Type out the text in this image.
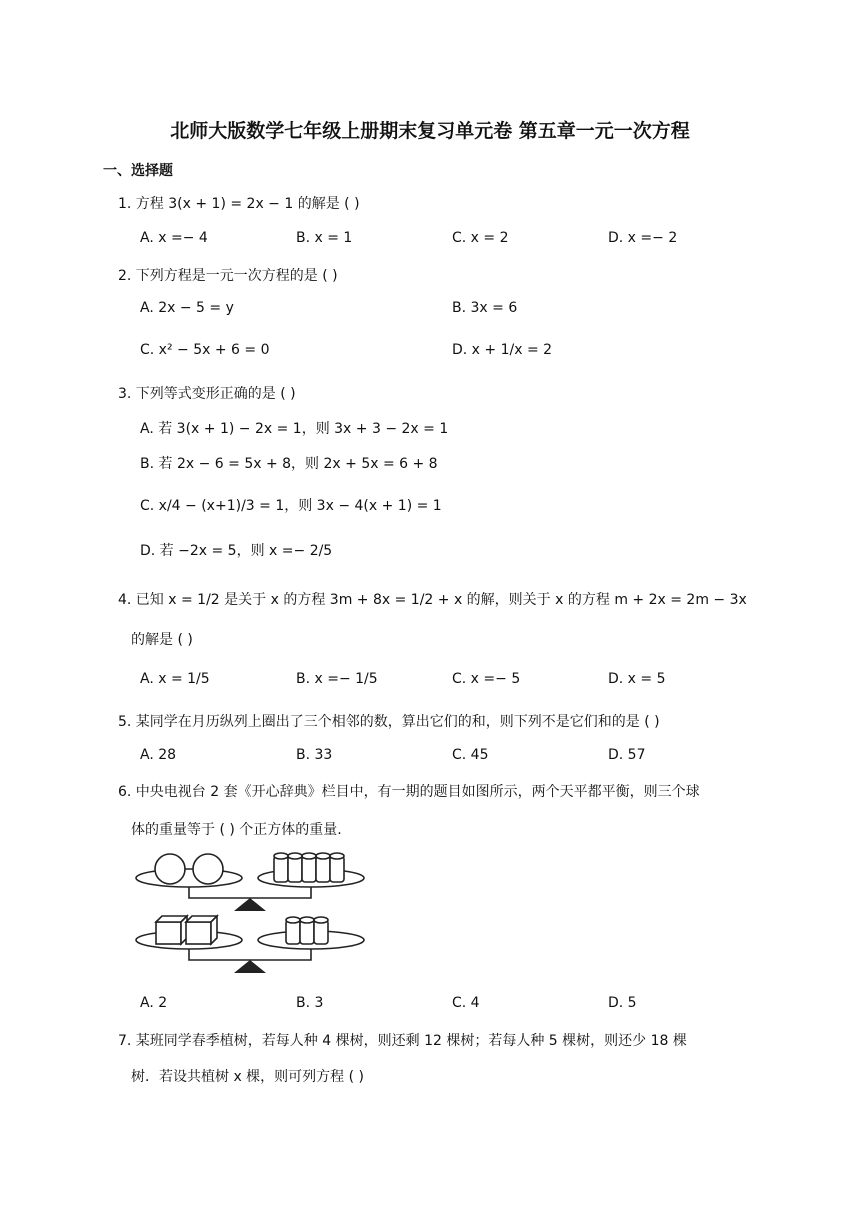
北师大版数学七年级上册期末复习单元卷 第五章一元一次方程
一、选择题
1. 方程 3(x + 1) = 2x − 1 的解是 ( )
A. x =− 4	B. x = 1	C. x = 2	D. x =− 2
2. 下列方程是一元一次方程的是 ( )
A. 2x − 5 = y	B. 3x = 6
C. x² − 5x + 6 = 0	D. x + 1/x = 2
3. 下列等式变形正确的是 ( )
A. 若 3(x + 1) − 2x = 1，则 3x + 3 − 2x = 1
B. 若 2x − 6 = 5x + 8，则 2x + 5x = 6 + 8
C. x/4 − (x+1)/3 = 1，则 3x − 4(x + 1) = 1
D. 若 −2x = 5，则 x =− 2/5
4. 已知 x = 1/2 是关于 x 的方程 3m + 8x = 1/2 + x 的解，则关于 x 的方程 m + 2x = 2m − 3x
的解是 ( )
A. x = 1/5	B. x =− 1/5	C. x =− 5	D. x = 5
5. 某同学在月历纵列上圈出了三个相邻的数，算出它们的和，则下列不是它们和的是 ( )
A. 28	B. 33	C. 45	D. 57
6. 中央电视台 2 套《开心辞典》栏目中，有一期的题目如图所示，两个天平都平衡，则三个球
体的重量等于 ( ) 个正方体的重量.
A. 2	B. 3	C. 4	D. 5
7. 某班同学春季植树，若每人种 4 棵树，则还剩 12 棵树；若每人种 5 棵树，则还少 18 棵
树．若设共植树 x 棵，则可列方程 ( )
